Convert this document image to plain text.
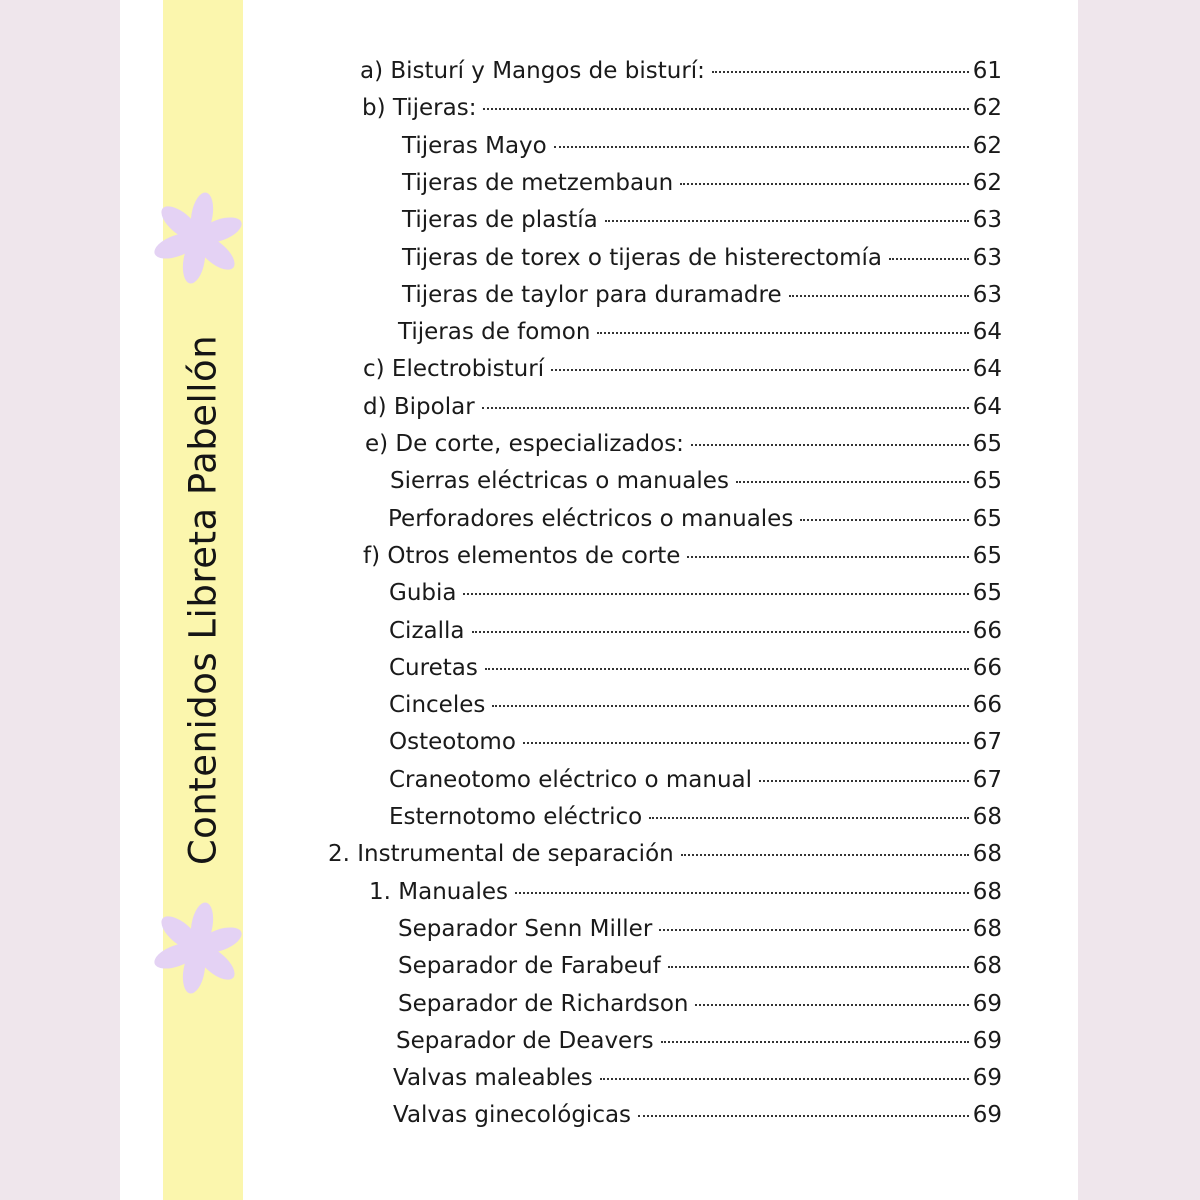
Contenidos Libreta Pabellón
a) Bisturí y Mangos de bisturí:	61
b) Tijeras:	62
Tijeras Mayo	62
Tijeras de metzembaun	62
Tijeras de plastía	63
Tijeras de torex o tijeras de histerectomía	63
Tijeras de taylor para duramadre	63
Tijeras de fomon	64
c) Electrobisturí	64
d) Bipolar	64
e) De corte, especializados:	65
Sierras eléctricas o manuales	65
Perforadores eléctricos o manuales	65
f) Otros elementos de corte	65
Gubia	65
Cizalla	66
Curetas	66
Cinceles	66
Osteotomo	67
Craneotomo eléctrico o manual	67
Esternotomo eléctrico	68
2. Instrumental de separación	68
1. Manuales	68
Separador Senn Miller	68
Separador de Farabeuf	68
Separador de Richardson	69
Separador de Deavers	69
Valvas maleables	69
Valvas ginecológicas	69
